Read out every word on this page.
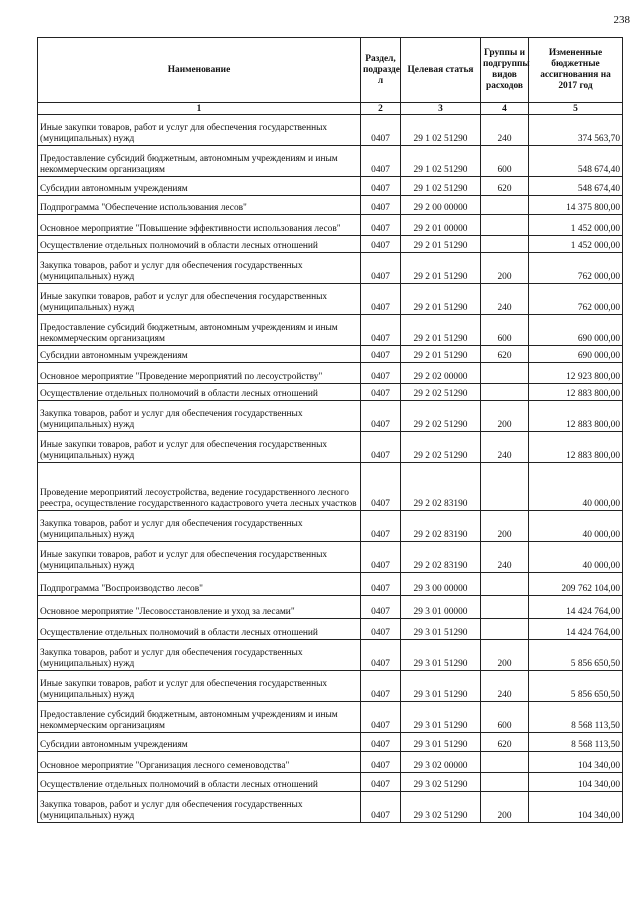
238
Наименование	Раздел, подразде л	Целевая статья	Группы и подгруппы видов расходов	Измененные бюджетные ассигнования на 2017 год
1	2	3	4	5
Иные закупки товаров, работ и услуг для обеспечения государственных (муниципальных) нужд	0407	29 1 02 51290	240	374 563,70
Предоставление субсидий бюджетным, автономным учреждениям и иным некоммерческим организациям	0407	29 1 02 51290	600	548 674,40
Субсидии автономным учреждениям	0407	29 1 02 51290	620	548 674,40
Подпрограмма "Обеспечение использования лесов"	0407	29 2 00 00000		14 375 800,00
Основное мероприятие "Повышение эффективности использования лесов"	0407	29 2 01 00000		1 452 000,00
Осуществление отдельных полномочий в области лесных отношений	0407	29 2 01 51290		1 452 000,00
Закупка товаров, работ и услуг для обеспечения государственных (муниципальных) нужд	0407	29 2 01 51290	200	762 000,00
Иные закупки товаров, работ и услуг для обеспечения государственных (муниципальных) нужд	0407	29 2 01 51290	240	762 000,00
Предоставление субсидий бюджетным, автономным учреждениям и иным некоммерческим организациям	0407	29 2 01 51290	600	690 000,00
Субсидии автономным учреждениям	0407	29 2 01 51290	620	690 000,00
Основное мероприятие "Проведение мероприятий по лесоустройству"	0407	29 2 02 00000		12 923 800,00
Осуществление отдельных полномочий в области лесных отношений	0407	29 2 02 51290		12 883 800,00
Закупка товаров, работ и услуг для обеспечения государственных (муниципальных) нужд	0407	29 2 02 51290	200	12 883 800,00
Иные закупки товаров, работ и услуг для обеспечения государственных (муниципальных) нужд	0407	29 2 02 51290	240	12 883 800,00
Проведение мероприятий лесоустройства, ведение государственного лесного реестра, осуществление государственного кадастрового учета лесных участков	0407	29 2 02 83190		40 000,00
Закупка товаров, работ и услуг для обеспечения государственных (муниципальных) нужд	0407	29 2 02 83190	200	40 000,00
Иные закупки товаров, работ и услуг для обеспечения государственных (муниципальных) нужд	0407	29 2 02 83190	240	40 000,00
Подпрограмма "Воспроизводство лесов"	0407	29 3 00 00000		209 762 104,00
Основное мероприятие "Лесовосстановление и уход за лесами"	0407	29 3 01 00000		14 424 764,00
Осуществление отдельных полномочий в области лесных отношений	0407	29 3 01 51290		14 424 764,00
Закупка товаров, работ и услуг для обеспечения государственных (муниципальных) нужд	0407	29 3 01 51290	200	5 856 650,50
Иные закупки товаров, работ и услуг для обеспечения государственных (муниципальных) нужд	0407	29 3 01 51290	240	5 856 650,50
Предоставление субсидий бюджетным, автономным учреждениям и иным некоммерческим организациям	0407	29 3 01 51290	600	8 568 113,50
Субсидии автономным учреждениям	0407	29 3 01 51290	620	8 568 113,50
Основное мероприятие "Организация лесного семеноводства"	0407	29 3 02 00000		104 340,00
Осуществление отдельных полномочий в области лесных отношений	0407	29 3 02 51290		104 340,00
Закупка товаров, работ и услуг для обеспечения государственных (муниципальных) нужд	0407	29 3 02 51290	200	104 340,00
